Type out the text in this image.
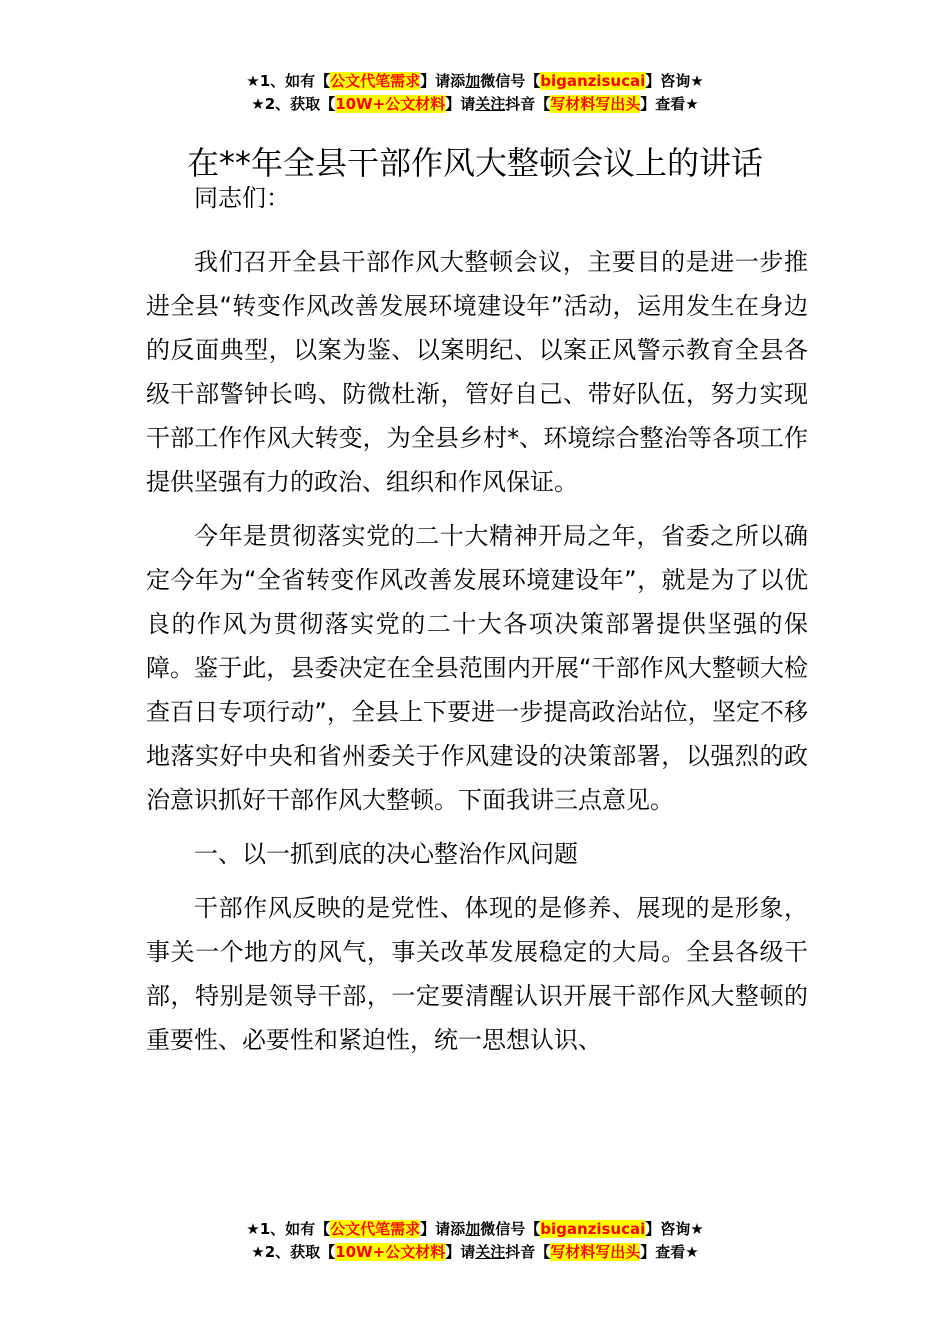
★1、如有【公文代笔需求】请添加微信号【biganzisucai】咨询★
★2、获取【10W+公文材料】请关注抖音【写材料写出头】查看★
在**年全县干部作风大整顿会议上的讲话

同志们：

我们召开全县干部作风大整顿会议，主要目的是进一步推进全县“转变作风改善发展环境建设年”活动，运用发生在身边的反面典型，以案为鉴、以案明纪、以案正风警示教育全县各级干部警钟长鸣、防微杜渐，管好自己、带好队伍，努力实现干部工作作风大转变，为全县乡村*、环境综合整治等各项工作提供坚强有力的政治、组织和作风保证。

今年是贯彻落实党的二十大精神开局之年，省委之所以确定今年为“全省转变作风改善发展环境建设年”，就是为了以优良的作风为贯彻落实党的二十大各项决策部署提供坚强的保障。鉴于此，县委决定在全县范围内开展“干部作风大整顿大检查百日专项行动”，全县上下要进一步提高政治站位，坚定不移地落实好中央和省州委关于作风建设的决策部署，以强烈的政治意识抓好干部作风大整顿。下面我讲三点意见。

一、以一抓到底的决心整治作风问题

干部作风反映的是党性、体现的是修养、展现的是形象，事关一个地方的风气，事关改革发展稳定的大局。全县各级干部，特别是领导干部，一定要清醒认识开展干部作风大整顿的重要性、必要性和紧迫性，统一思想认识、

★1、如有【公文代笔需求】请添加微信号【biganzisucai】咨询★
★2、获取【10W+公文材料】请关注抖音【写材料写出头】查看★
